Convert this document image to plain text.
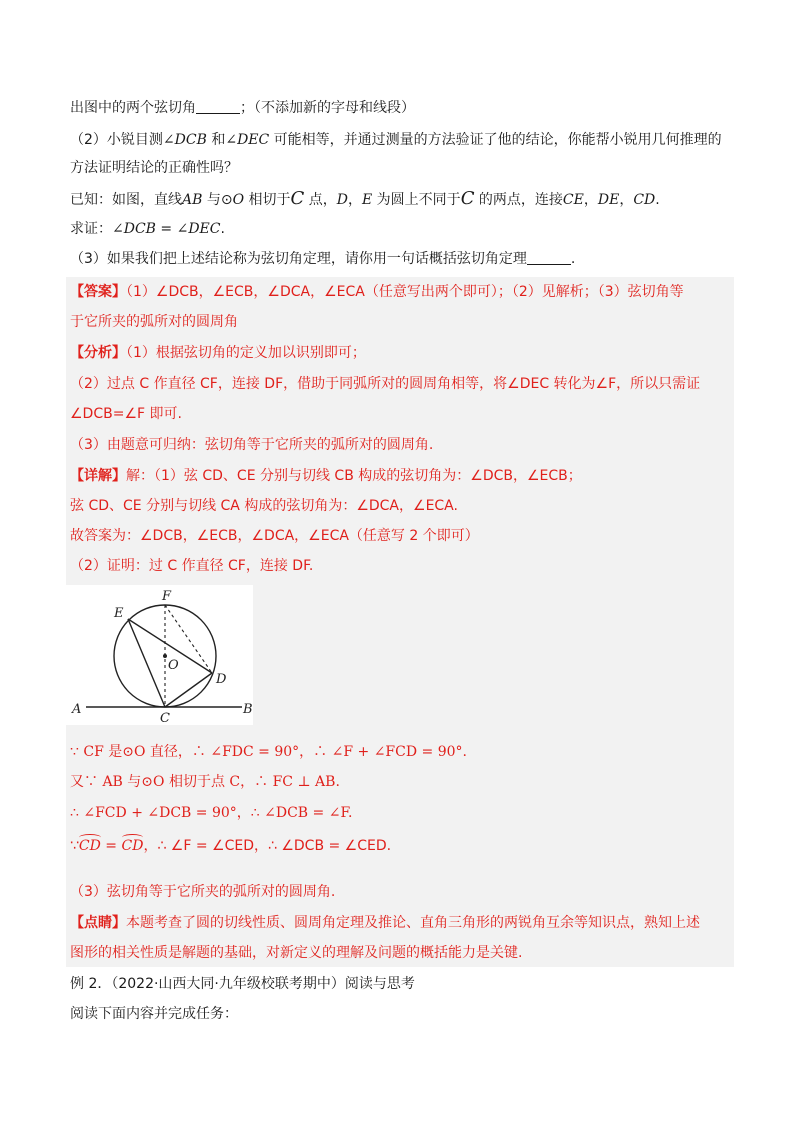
出图中的两个弦切角	；（不添加新的字母和线段）
（2）小锐目测∠DCB 和∠DEC 可能相等，并通过测量的方法验证了他的结论，你能帮小锐用几何推理的
方法证明结论的正确性吗？
已知：如图，直线AB 与⊙O 相切于C 点，D，E 为圆上不同于C 的两点，连接CE，DE，CD.
求证：∠DCB = ∠DEC.
（3）如果我们把上述结论称为弦切角定理，请你用一句话概括弦切角定理	.
【答案】（1）∠DCB，∠ECB，∠DCA，∠ECA（任意写出两个即可）；（2）见解析；（3）弦切角等
于它所夹的弧所对的圆周角
【分析】（1）根据弦切角的定义加以识别即可；
（2）过点 C 作直径 CF，连接 DF，借助于同弧所对的圆周角相等，将∠DEC 转化为∠F，所以只需证
∠DCB=∠F 即可.
（3）由题意可归纳：弦切角等于它所夹的弧所对的圆周角.
【详解】解：（1）弦 CD、CE 分别与切线 CB 构成的弦切角为：∠DCB，∠ECB；
弦 CD、CE 分别与切线 CA 构成的弦切角为：∠DCA，∠ECA.
故答案为：∠DCB，∠ECB，∠DCA，∠ECA（任意写 2 个即可）
（2）证明：过 C 作直径 CF，连接 DF.
E
F
O
D
A	B
C
∵ CF 是⊙O 直径，∴ ∠FDC = 90°，∴ ∠F + ∠FCD = 90°.
又∵ AB 与⊙O 相切于点 C，∴ FC ⊥ AB.
∴ ∠FCD + ∠DCB = 90°，∴ ∠DCB = ∠F.
∵CD = CD，∴ ∠F = ∠CED，∴ ∠DCB = ∠CED.
（3）弦切角等于它所夹的弧所对的圆周角.
【点睛】本题考查了圆的切线性质、圆周角定理及推论、直角三角形的两锐角互余等知识点，熟知上述
图形的相关性质是解题的基础，对新定义的理解及问题的概括能力是关键.
例 2．（2022·山西大同·九年级校联考期中）阅读与思考
阅读下面内容并完成任务：
